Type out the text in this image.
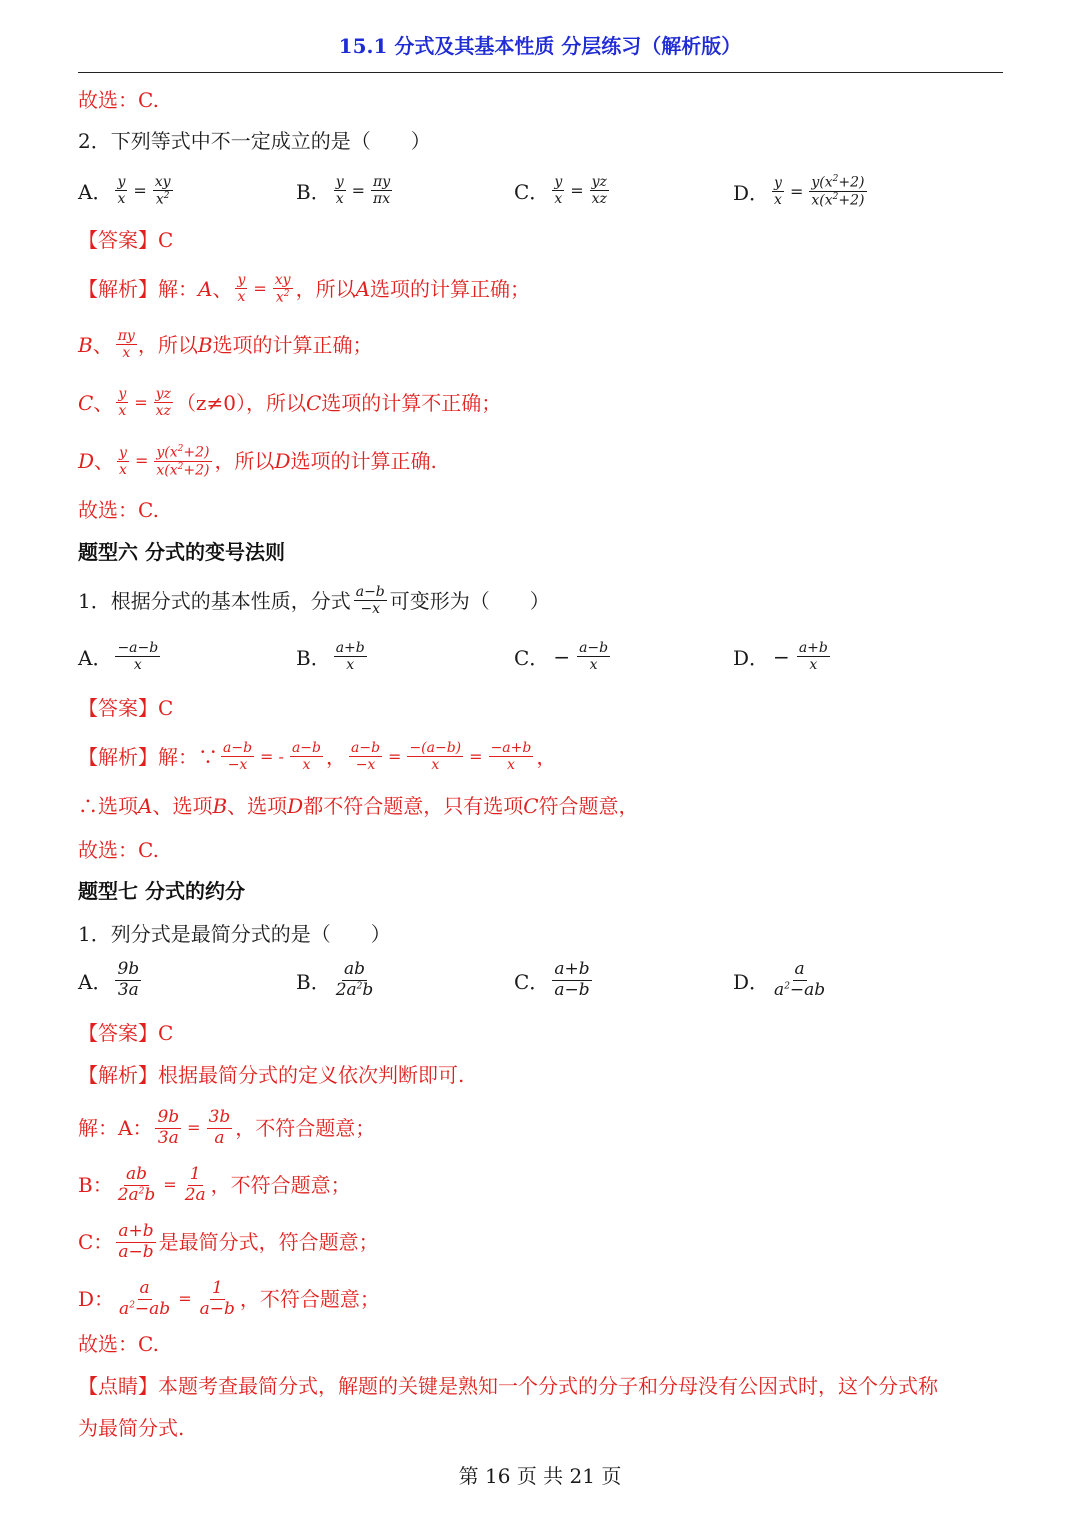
15.1 分式及其基本性质 分层练习（解析版）
故选：C.
2．下列等式中不一定成立的是（　　）
A． $\frac{y}{x} = \frac{xy}{x^2}$	B． $\frac{y}{x} = \frac{\pi y}{\pi x}$	C． $\frac{y}{x} = \frac{yz}{xz}$	D． $\frac{y}{x} = \frac{y(x^2+2)}{x(x^2+2)}$
【答案】C
【解析】 解： A 、 $\frac{y}{x} = \frac{xy}{x^2}$ ，所以 A 选项的计算正确；
B 、 $\frac{\pi y}{x}$ ， 所以 B 选项的计算正确；
C 、 $\frac{y}{x} = \frac{yz}{xz} (z\ne 0)$，所以 C 选项的计算不正确；
D 、 $\frac{y}{x} = \frac{y(x^2+2)}{x(x^2+2)}$ ， 所以 D 选项的计算正确.
故选：C.
题型六 分式的变号法则
1．根据分式的基本性质，分式 $\frac{a-b}{-x}$ 可变形为（　　）
A． $\frac{-a-b}{x}$	B． $\frac{a+b}{x}$	C． − $\frac{a-b}{x}$	D． − $\frac{a+b}{x}$
【答案】C
【解析】 解：∵ $\frac{a-b}{-x}$ = - $\frac{a-b}{x}$ ， $\frac{a-b}{-x} = \frac{-(a-b)}{x} = \frac{-a+b}{x}$ ，
∴选项A、选项B、选项D都不符合题意，只有选项C符合题意，
故选：C.
题型七 分式的约分
1．列分式是最简分式的是（　　）
A． $\frac{9b}{3a}$	B． $\frac{ab}{2a^2b}$	C． $\frac{a+b}{a-b}$	D． $\frac{a}{a^2-ab}$
【答案】C
【解析】根据最简分式的定义依次判断即可.
解：A： $\frac{9b}{3a} = \frac{3b}{a}$ ，不符合题意；
B： $\frac{ab}{2a^2b} = \frac{1}{2a}$ ，不符合题意；
C： $\frac{a+b}{a-b}$ 是最简分式，符合题意；
D： $\frac{a}{a^2-ab} = \frac{1}{a-b}$ ，不符合题意；
故选：C.
【点睛】本题考查最简分式，解题的关键是熟知一个分式的分子和分母没有公因式时，这个分式称
为最简分式.
第 16 页 共 21 页
